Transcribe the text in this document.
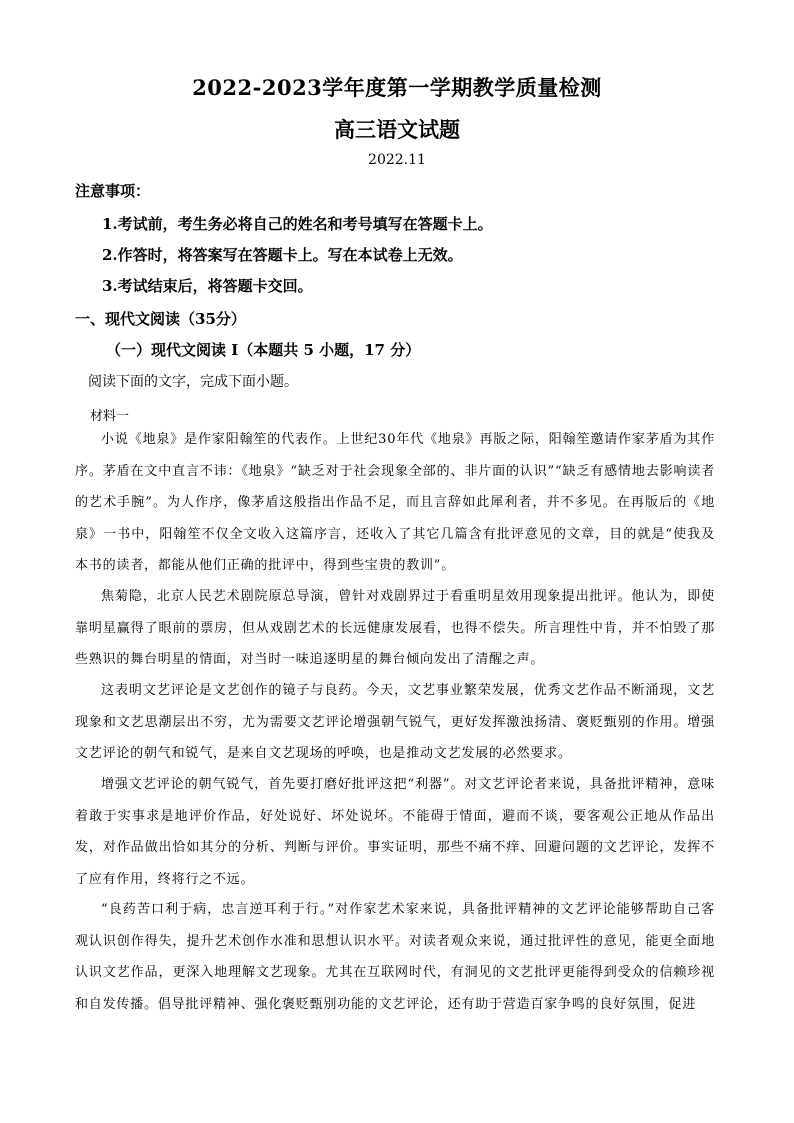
2022-2023学年度第一学期教学质量检测
高三语文试题
2022.11
注意事项：
1.考试前，考生务必将自己的姓名和考号填写在答题卡上。
2.作答时，将答案写在答题卡上。写在本试卷上无效。
3.考试结束后，将答题卡交回。
一、现代文阅读（35分）
（一）现代文阅读 I（本题共 5 小题，17 分）
阅读下面的文字，完成下面小题。
材料一
小说《地泉》是作家阳翰笙的代表作。上世纪30年代《地泉》再版之际，阳翰笙邀请作家茅盾为其作序。茅盾在文中直言不讳：《地泉》“缺乏对于社会现象全部的、非片面的认识”“缺乏有感情地去影响读者的艺术手腕”。为人作序，像茅盾这般指出作品不足，而且言辞如此犀利者，并不多见。在再版后的《地泉》一书中，阳翰笙不仅全文收入这篇序言，还收入了其它几篇含有批评意见的文章，目的就是“使我及本书的读者，都能从他们正确的批评中，得到些宝贵的教训”。
焦菊隐，北京人民艺术剧院原总导演，曾针对戏剧界过于看重明星效用现象提出批评。他认为，即使靠明星赢得了眼前的票房，但从戏剧艺术的长远健康发展看，也得不偿失。所言理性中肯，并不怕毁了那些熟识的舞台明星的情面，对当时一味追逐明星的舞台倾向发出了清醒之声。
这表明文艺评论是文艺创作的镜子与良药。今天，文艺事业繁荣发展，优秀文艺作品不断涌现，文艺现象和文艺思潮层出不穷，尤为需要文艺评论增强朝气锐气，更好发挥激浊扬清、褒贬甄别的作用。增强文艺评论的朝气和锐气，是来自文艺现场的呼唤，也是推动文艺发展的必然要求。
增强文艺评论的朝气锐气，首先要打磨好批评这把“利器”。对文艺评论者来说，具备批评精神，意味着敢于实事求是地评价作品，好处说好、坏处说坏。不能碍于情面，避而不谈，要客观公正地从作品出发，对作品做出恰如其分的分析、判断与评价。事实证明，那些不痛不痒、回避问题的文艺评论，发挥不了应有作用，终将行之不远。
“良药苦口利于病，忠言逆耳利于行。”对作家艺术家来说，具备批评精神的文艺评论能够帮助自己客观认识创作得失，提升艺术创作水准和思想认识水平。对读者观众来说，通过批评性的意见，能更全面地认识文艺作品，更深入地理解文艺现象。尤其在互联网时代，有洞见的文艺批评更能得到受众的信赖珍视和自发传播。倡导批评精神、强化褒贬甄别功能的文艺评论，还有助于营造百家争鸣的良好氛围，促进
